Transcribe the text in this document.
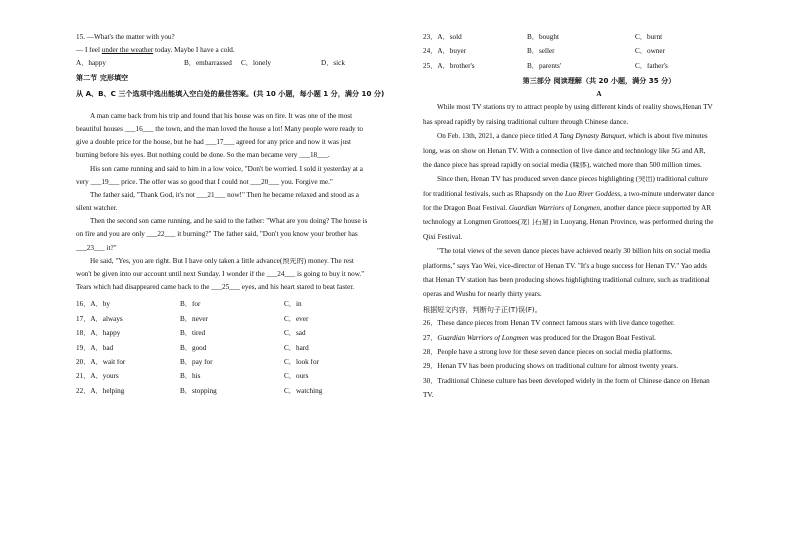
15. —What's the matter with you?
— I feel under the weather today. Maybe I have a cold.
A．happy	B．embarrassed	C．lonely	D．sick
第二节 完形填空
从 A、B、C 三个选项中选出能填入空白处的最佳答案。(共 10 小题，每小题 1 分，满分 10 分)
A man came back from his trip and found that his house was on fire. It was one of the most
beautiful houses ___16___ the town, and the man loved the house a lot! Many people were ready to
give a double price for the house, but he had ___17___ agreed for any price and now it was just
burning before his eyes. But nothing could be done. So the man became very ___18___.
His son came running and said to him in a low voice, "Don't be worried. I sold it yesterday at a
very ___19___ price. The offer was so good that I could not ___20___ you. Forgive me."
The father said, "Thank God, it's not ___21___ now!" Then he became relaxed and stood as a
silent watcher.
Then the second son came running, and he said to the father: "What are you doing? The house is
on fire and you are only ___22___ it burning?" The father said, "Don't you know your brother has
___23___ it?"
He said, "Yes, you are right. But I have only taken a little advance(预先的) money. The rest
won't be given into our account until next Sunday. I wonder if the ___24___ is going to buy it now."
Tears which had disappeared came back to the ___25___ eyes, and his heart stared to beat faster.
16．A．by	B．for	C．in
17．A．always	B．never	C．ever
18．A．happy	B．tired	C．sad
19．A．bad	B．good	C．hard
20．A．wait for	B．pay for	C．look for
21．A．yours	B．his	C．ours
22．A．helping	B．stopping	C．watching
23．A．sold	B．bought	C．burnt
24．A．buyer	B．seller	C．owner
25．A．brother's	B．parents'	C．father's
第三部分 阅读理解（共 20 小题，满分 35 分）
A
While most TV stations try to attract people by using different kinds of reality shows,Henan TV
has spread rapidly by raising traditional culture through Chinese dance.
On Feb. 13th, 2021, a dance piece titled A Tang Dynasty Banquet, which is about five minutes
long, was on show on Henan TV. With a connection of live dance and technology like 5G and AR,
the dance piece has spread rapidly on social media (媒体), watched more than 500 million times.
Since then, Henan TV has produced seven dance pieces highlighting (突出) traditional culture
for traditional festivals, such as Rhapsody on the Luo River Goddess, a two-minute underwater dance
for the Dragon Boat Festival. Guardian Warriors of Longmen, another dance piece supported by AR
technology at Longmen Grottoes(龙门石窟) in Luoyang, Henan Province, was performed during the
Qixi Festival.
"The total views of the seven dance pieces have achieved nearly 30 billion hits on social media
platforms," says Yao Wei, vice-director of Henan TV. "It's a huge success for Henan TV." Yao adds
that Henan TV station has been producing shows highlighting traditional culture, such as traditional
operas and Wushu for nearly thirty years.
根据短文内容，判断句子正(T)误(F)。
26．These dance pieces from Henan TV connect famous stars with live dance together.
27．Guardian Warriors of Longmen was produced for the Dragon Boat Festival.
28．People have a strong love for these seven dance pieces on social media platforms.
29．Henan TV has been producing shows on traditional culture for almost twenty years.
30．Traditional Chinese culture has been developed widely in the form of Chinese dance on Henan
TV.
